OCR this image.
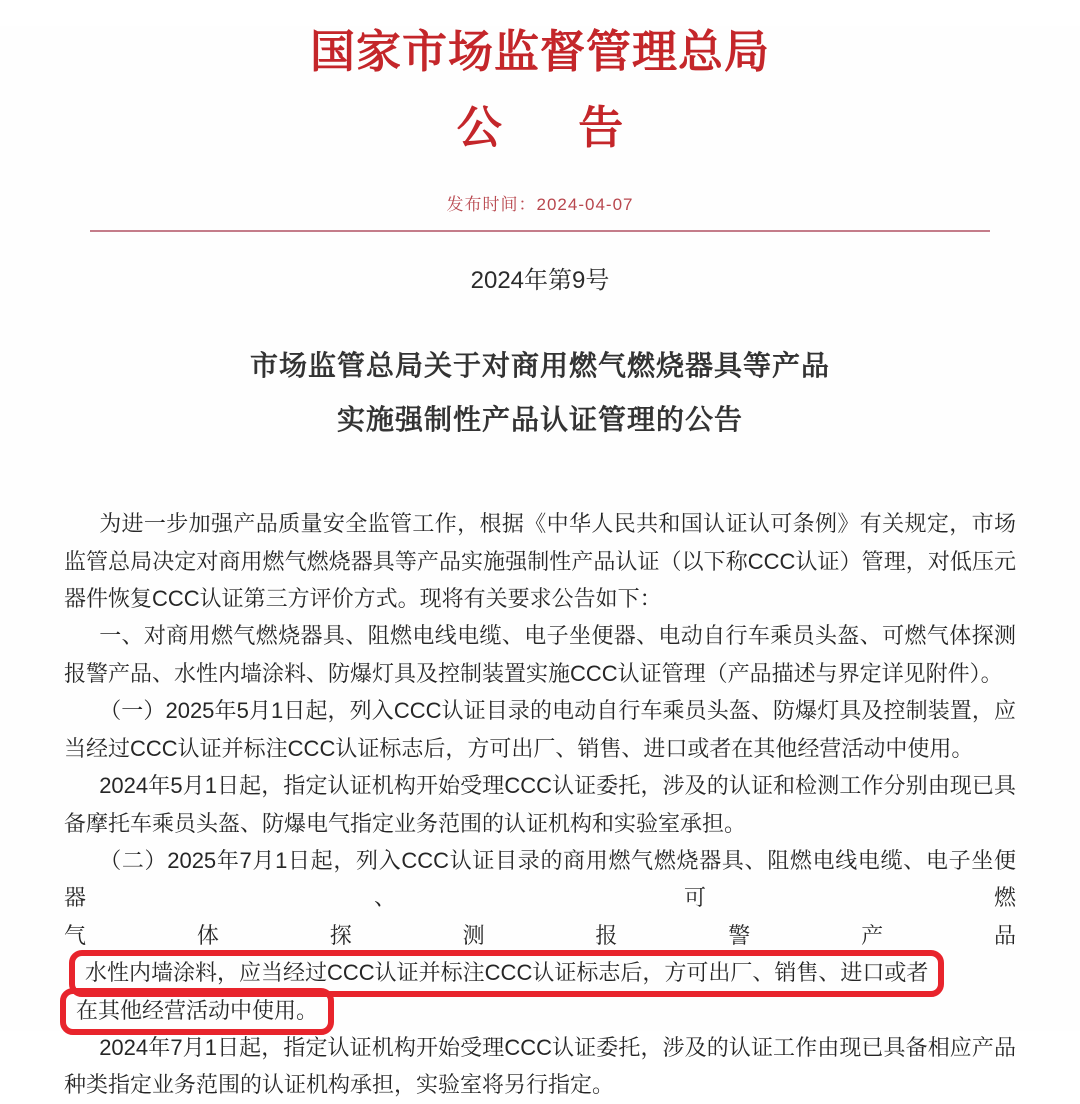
国家市场监督管理总局
公告
发布时间：2024-04-07
2024年第9号
市场监管总局关于对商用燃气燃烧器具等产品
实施强制性产品认证管理的公告

为进一步加强产品质量安全监管工作，根据《中华人民共和国认证认可条例》有关规定，市场监管总局决定对商用燃气燃烧器具等产品实施强制性产品认证（以下称CCC认证）管理，对低压元器件恢复CCC认证第三方评价方式。现将有关要求公告如下：

一、对商用燃气燃烧器具、阻燃电线电缆、电子坐便器、电动自行车乘员头盔、可燃气体探测报警产品、水性内墙涂料、防爆灯具及控制装置实施CCC认证管理（产品描述与界定详见附件）。

（一）2025年5月1日起，列入CCC认证目录的电动自行车乘员头盔、防爆灯具及控制装置，应当经过CCC认证并标注CCC认证标志后，方可出厂、销售、进口或者在其他经营活动中使用。

2024年5月1日起，指定认证机构开始受理CCC认证委托，涉及的认证和检测工作分别由现已具备摩托车乘员头盔、防爆电气指定业务范围的认证机构和实验室承担。

（二）2025年7月1日起，列入CCC认证目录的商用燃气燃烧器具、阻燃电线电缆、电子坐便器、可燃
气体探测报警产品水性内墙涂料，应当经过CCC认证并标注CCC认证标志后，方可出厂、销售、进口或者
在其他经营活动中使用。

2024年7月1日起，指定认证机构开始受理CCC认证委托，涉及的认证工作由现已具备相应产品种类指定业务范围的认证机构承担，实验室将另行指定。
